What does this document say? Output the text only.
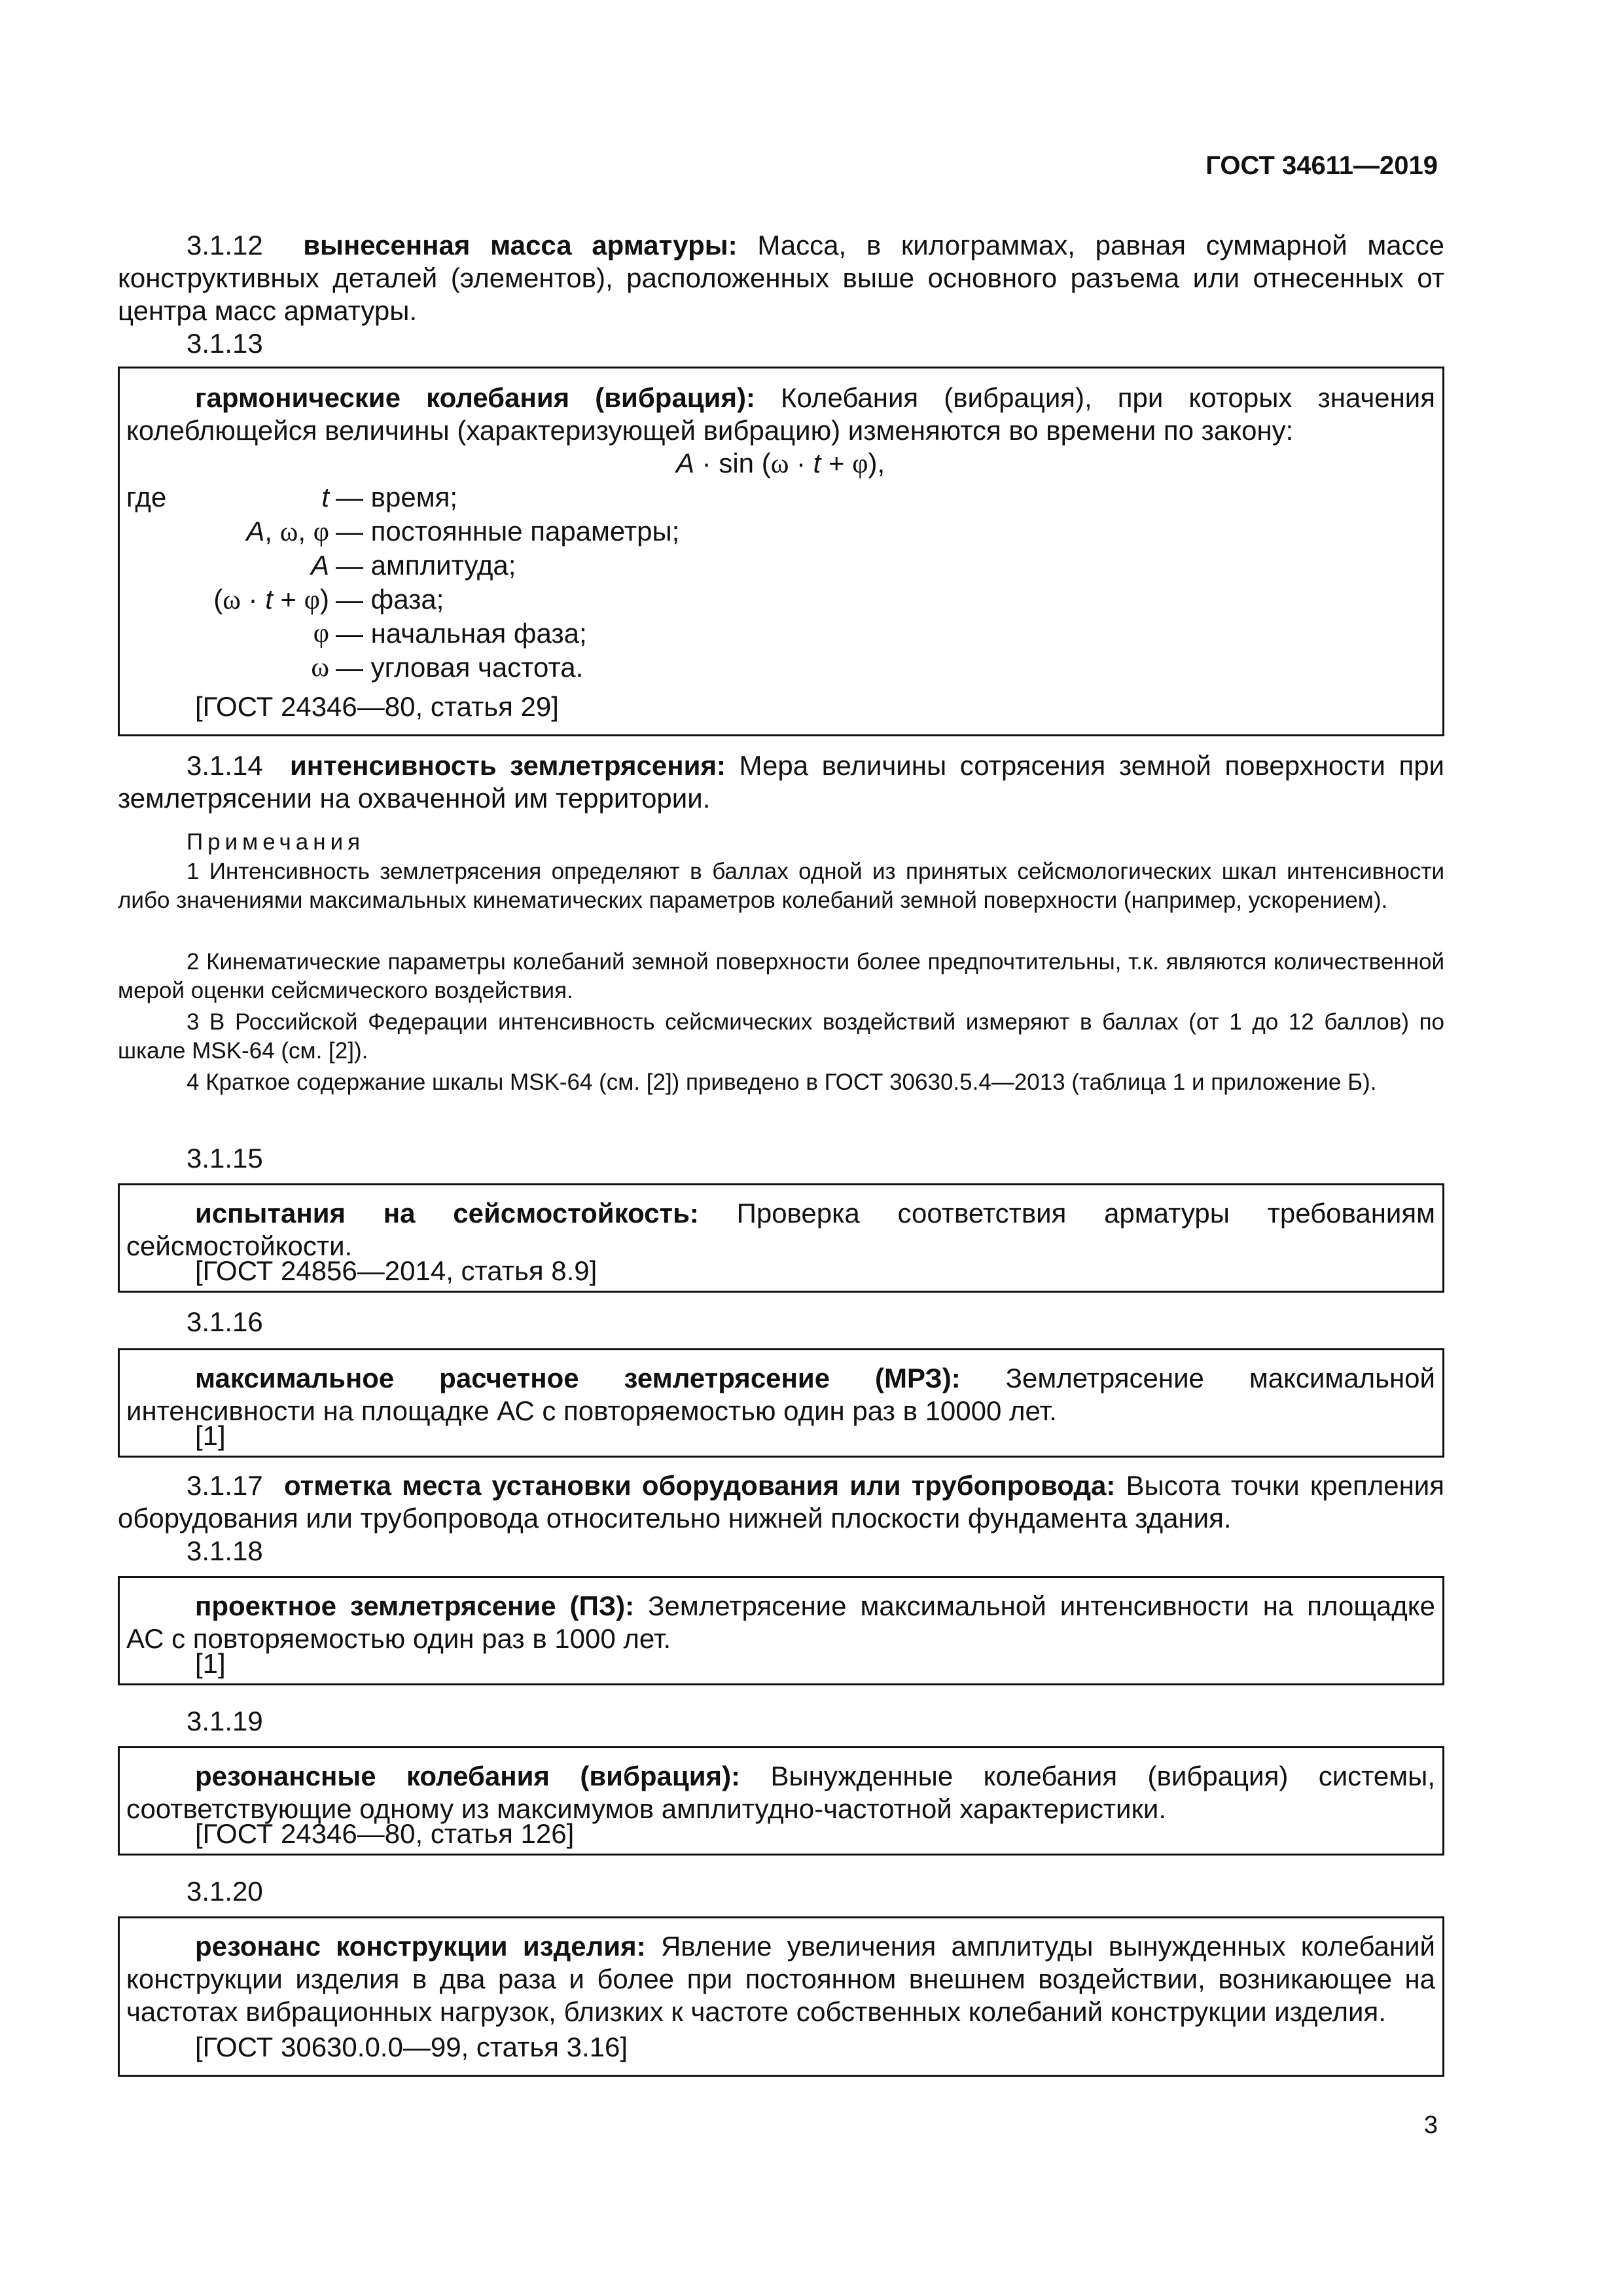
ГОСТ 34611—2019
3.1.12 вынесенная масса арматуры: Масса, в килограммах, равная суммарной массе конструктивных деталей (элементов), расположенных выше основного разъема или отнесенных от центра масс арматуры.
3.1.13
гармонические колебания (вибрация): Колебания (вибрация), при которых значения колеблющейся величины (характеризующей вибрацию) изменяются во времени по закону:
A · sin (ω · t + φ),
где	t — время;
A, ω, φ — постоянные параметры;
A — амплитуда;
(ω · t + φ) — фаза;
φ — начальная фаза;
ω — угловая частота.
[ГОСТ 24346—80, статья 29]
3.1.14 интенсивность землетрясения: Мера величины сотрясения земной поверхности при землетрясении на охваченной им территории.
Примечания
1 Интенсивность землетрясения определяют в баллах одной из принятых сейсмологических шкал интенсивности либо значениями максимальных кинематических параметров колебаний земной поверхности (например, ускорением).
2 Кинематические параметры колебаний земной поверхности более предпочтительны, т.к. являются количественной мерой оценки сейсмического воздействия.
3 В Российской Федерации интенсивность сейсмических воздействий измеряют в баллах (от 1 до 12 баллов) по шкале MSK-64 (см. [2]).
4 Краткое содержание шкалы MSK-64 (см. [2]) приведено в ГОСТ 30630.5.4—2013 (таблица 1 и приложение Б).
3.1.15
испытания на сейсмостойкость: Проверка соответствия арматуры требованиям сейсмостойкости.
[ГОСТ 24856—2014, статья 8.9]
3.1.16
максимальное расчетное землетрясение (МРЗ): Землетрясение максимальной интенсивности на площадке АС с повторяемостью один раз в 10000 лет.
[1]
3.1.17 отметка места установки оборудования или трубопровода: Высота точки крепления оборудования или трубопровода относительно нижней плоскости фундамента здания.
3.1.18
проектное землетрясение (ПЗ): Землетрясение максимальной интенсивности на площадке АС с повторяемостью один раз в 1000 лет.
[1]
3.1.19
резонансные колебания (вибрация): Вынужденные колебания (вибрация) системы, соответствующие одному из максимумов амплитудно-частотной характеристики.
[ГОСТ 24346—80, статья 126]
3.1.20
резонанс конструкции изделия: Явление увеличения амплитуды вынужденных колебаний конструкции изделия в два раза и более при постоянном внешнем воздействии, возникающее на частотах вибрационных нагрузок, близких к частоте собственных колебаний конструкции изделия.
[ГОСТ 30630.0.0—99, статья 3.16]
3
